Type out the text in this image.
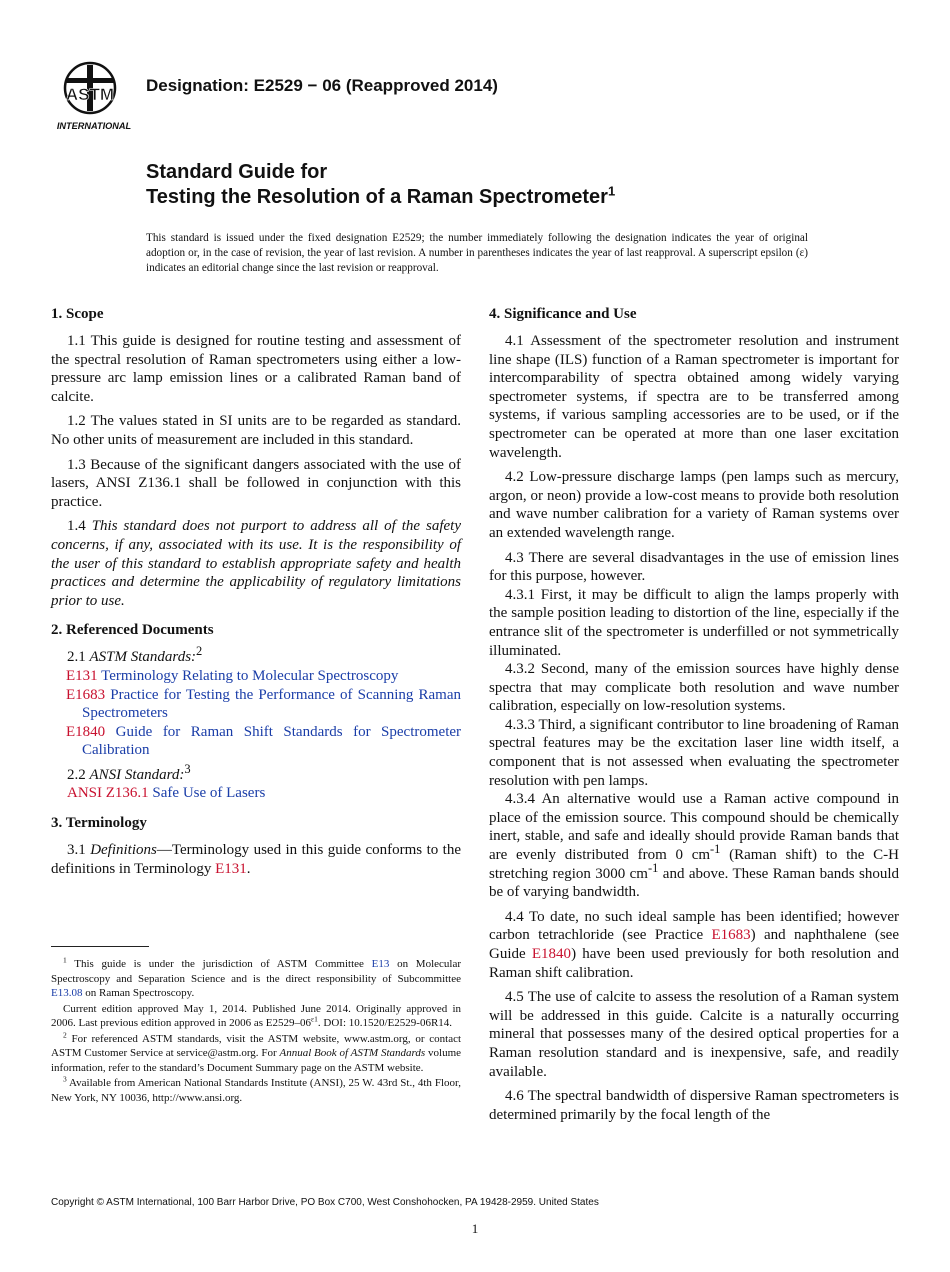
ASTM
INTERNATIONAL
Designation: E2529 − 06 (Reapproved 2014)
Standard Guide for
Testing the Resolution of a Raman Spectrometer$^1$
This standard is issued under the fixed designation E2529; the number immediately following the designation indicates the year of original adoption or, in the case of revision, the year of last revision. A number in parentheses indicates the year of last reapproval. A superscript epsilon (ε) indicates an editorial change since the last revision or reapproval.
1. Scope

1.1 This guide is designed for routine testing and assessment of the spectral resolution of Raman spectrometers using either a low-pressure arc lamp emission lines or a calibrated Raman band of calcite.

1.2 The values stated in SI units are to be regarded as standard. No other units of measurement are included in this standard.

1.3 Because of the significant dangers associated with the use of lasers, ANSI Z136.1 shall be followed in conjunction with this practice.

1.4 This standard does not purport to address all of the safety concerns, if any, associated with its use. It is the responsibility of the user of this standard to establish appropriate safety and health practices and determine the applicability of regulatory limitations prior to use.

2. Referenced Documents

2.1 ASTM Standards:$^2$

E131 Terminology Relating to Molecular Spectroscopy
E1683 Practice for Testing the Performance of Scanning Raman Spectrometers
E1840 Guide for Raman Shift Standards for Spectrometer Calibration

2.2 ANSI Standard:$^3$

ANSI Z136.1 Safe Use of Lasers
3. Terminology

3.1 Definitions—Terminology used in this guide conforms to the definitions in Terminology E131.

$^1$ This guide is under the jurisdiction of ASTM Committee E13 on Molecular Spectroscopy and Separation Science and is the direct responsibility of Subcommittee E13.08 on Raman Spectroscopy.

Current edition approved May 1, 2014. Published June 2014. Originally approved in 2006. Last previous edition approved in 2006 as $E2529-06^{\varepsilon 1}$. DOI: 10.1520/E2529-06R14.

$^2$ For referenced ASTM standards, visit the ASTM website, www.astm.org, or contact ASTM Customer Service at service@astm.org. For Annual Book of ASTM Standards volume information, refer to the standard’s Document Summary page on the ASTM website.

$^3$ Available from American National Standards Institute (ANSI), 25 W. 43rd St., 4th Floor, New York, NY 10036, http://www.ansi.org.

4. Significance and Use

4.1 Assessment of the spectrometer resolution and instrument line shape (ILS) function of a Raman spectrometer is important for intercomparability of spectra obtained among widely varying spectrometer systems, if spectra are to be transferred among systems, if various sampling accessories are to be used, or if the spectrometer can be operated at more than one laser excitation wavelength.

4.2 Low-pressure discharge lamps (pen lamps such as mercury, argon, or neon) provide a low-cost means to provide both resolution and wave number calibration for a variety of Raman systems over an extended wavelength range.

4.3 There are several disadvantages in the use of emission lines for this purpose, however.

4.3.1 First, it may be difficult to align the lamps properly with the sample position leading to distortion of the line, especially if the entrance slit of the spectrometer is underfilled or not symmetrically illuminated.

4.3.2 Second, many of the emission sources have highly dense spectra that may complicate both resolution and wave number calibration, especially on low-resolution systems.

4.3.3 Third, a significant contributor to line broadening of Raman spectral features may be the excitation laser line width itself, a component that is not assessed when evaluating the spectrometer resolution with pen lamps.

4.3.4 An alternative would use a Raman active compound in place of the emission source. This compound should be chemically inert, stable, and safe and ideally should provide Raman bands that are evenly distributed from 0 $cm^{-1}$ (Raman shift) to the C-H stretching region 3000 $cm^{-1}$ and above. These Raman bands should be of varying bandwidth.

4.4 To date, no such ideal sample has been identified; however carbon tetrachloride (see Practice E1683) and naphthalene (see Guide E1840) have been used previously for both resolution and Raman shift calibration.

4.5 The use of calcite to assess the resolution of a Raman system will be addressed in this guide. Calcite is a naturally occurring mineral that possesses many of the desired optical properties for a Raman resolution standard and is inexpensive, safe, and readily available.

4.6 The spectral bandwidth of dispersive Raman spectrometers is determined primarily by the focal length of the

Copyright © ASTM International, 100 Barr Harbor Drive, PO Box C700, West Conshohocken, PA 19428-2959. United States
1
